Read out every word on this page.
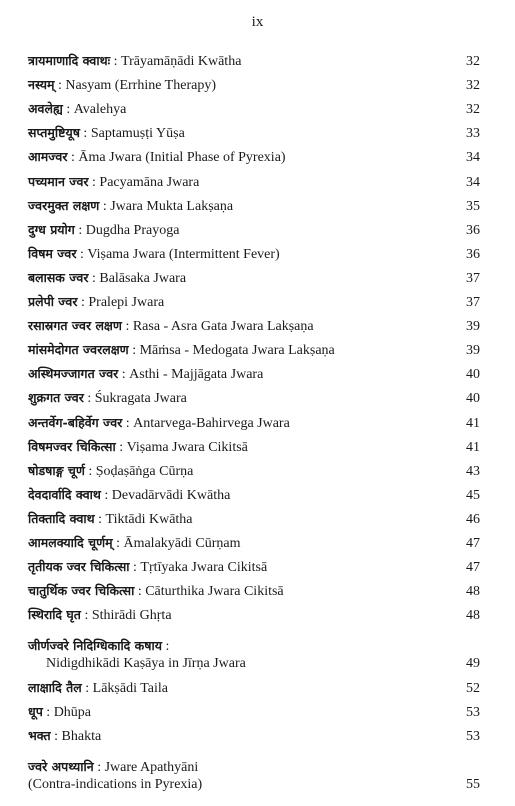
ix
त्रायमाणादि क्वाथः : Trāyamāṇādi Kwātha	32
नस्यम् : Nasyam (Errhine Therapy)	32
अवलेह्य : Avalehya	32
सप्तमुष्टियूष : Saptamuṣṭi Yūṣa	33
आमज्वर : Āma Jwara (Initial Phase of Pyrexia)	34
पच्यमान ज्वर : Pacyamāna Jwara	34
ज्वरमुक्त लक्षण : Jwara Mukta Lakṣaṇa	35
दुग्ध प्रयोग : Dugdha Prayoga	36
विषम ज्वर : Viṣama Jwara (Intermittent Fever)	36
बलासक ज्वर : Balāsaka Jwara	37
प्रलेपी ज्वर : Pralepi Jwara	37
रसास्रगत ज्वर लक्षण : Rasa - Asra Gata Jwara Lakṣaṇa	39
मांसमेदोगत ज्वरलक्षण : Māṁsa - Medogata Jwara Lakṣaṇa	39
अस्थिमज्जागत ज्वर : Asthi - Majjāgata Jwara	40
शुक्रगत ज्वर : Śukragata Jwara	40
अन्तर्वेग-बहिर्वेग ज्वर : Antarvega-Bahirvega Jwara	41
विषमज्वर चिकित्सा : Viṣama Jwara Cikitsā	41
षोडषाङ्ग चूर्ण : Ṣoḍaṣāṅga Cūrṇa	43
देवदार्वादि क्वाथ : Devadārvādi Kwātha	45
तिक्तादि क्वाथ : Tiktādi Kwātha	46
आमलक्यादि चूर्णम् : Āmalakyādi Cūrṇam	47
तृतीयक ज्वर चिकित्सा : Tṛtīyaka Jwara Cikitsā	47
चातुर्थिक ज्वर चिकित्सा : Cāturthika Jwara Cikitsā	48
स्थिरादि घृत : Sthirādi Ghṛta	48
जीर्णज्वरे निदिग्धिकादि कषाय :
Nidigdhikādi Kaṣāya in Jīrṇa Jwara	49
लाक्षादि तैल : Lākṣādi Taila	52
धूप : Dhūpa	53
भक्त : Bhakta	53
ज्वरे अपथ्यानि : Jware Apathyāni
(Contra-indications in Pyrexia)	55
